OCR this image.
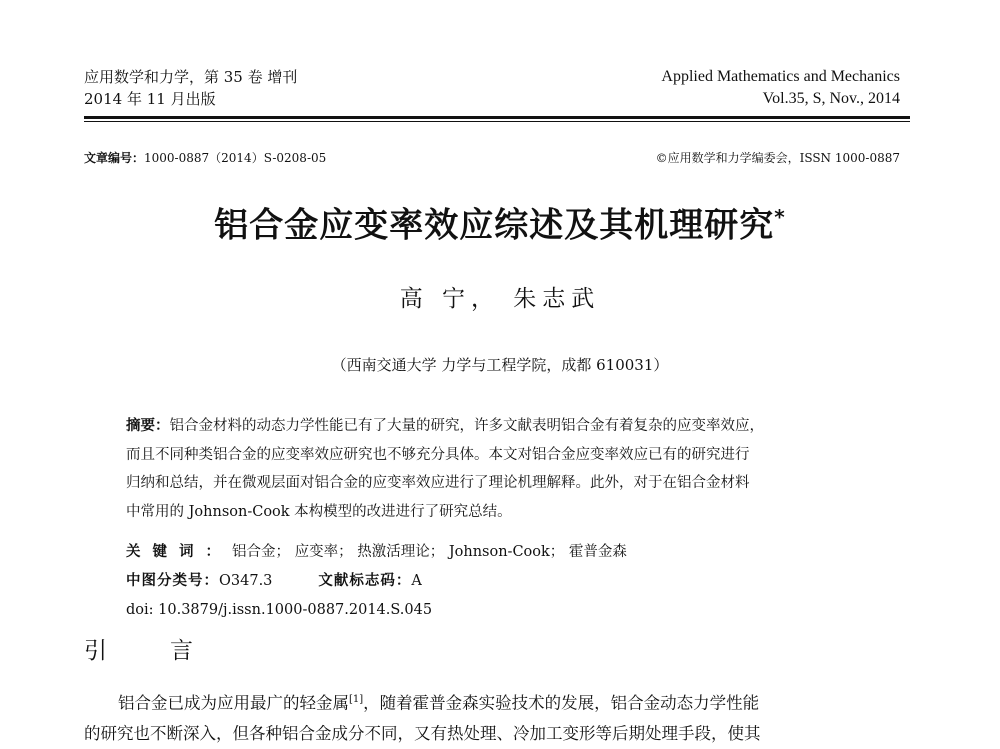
应用数学和力学，第 35 卷 增刊
2014 年 11 月出版
Applied Mathematics and Mechanics
Vol.35, S, Nov., 2014
文章编号：1000-0887（2014）S-0208-05	©应用数学和力学编委会，ISSN 1000-0887
铝合金应变率效应综述及其机理研究*
高 宁， 朱志武
（西南交通大学 力学与工程学院，成都 610031）
摘要：铝合金材料的动态力学性能已有了大量的研究，许多文献表明铝合金有着复杂的应变率效应，
而且不同种类铝合金的应变率效应研究也不够充分具体。本文对铝合金应变率效应已有的研究进行
归纳和总结，并在微观层面对铝合金的应变率效应进行了理论机理解释。此外，对于在铝合金材料
中常用的 Johnson-Cook 本构模型的改进进行了研究总结。
关键词：铝合金； 应变率； 热激活理论； Johnson-Cook； 霍普金森
中图分类号：O347.3	文献标志码：A
doi: 10.3879/j.issn.1000-0887.2014.S.045
引	言
铝合金已成为应用最广的轻金属[1]，随着霍普金森实验技术的发展，铝合金动态力学性能
的研究也不断深入，但各种铝合金成分不同，又有热处理、冷加工变形等后期处理手段，使其
